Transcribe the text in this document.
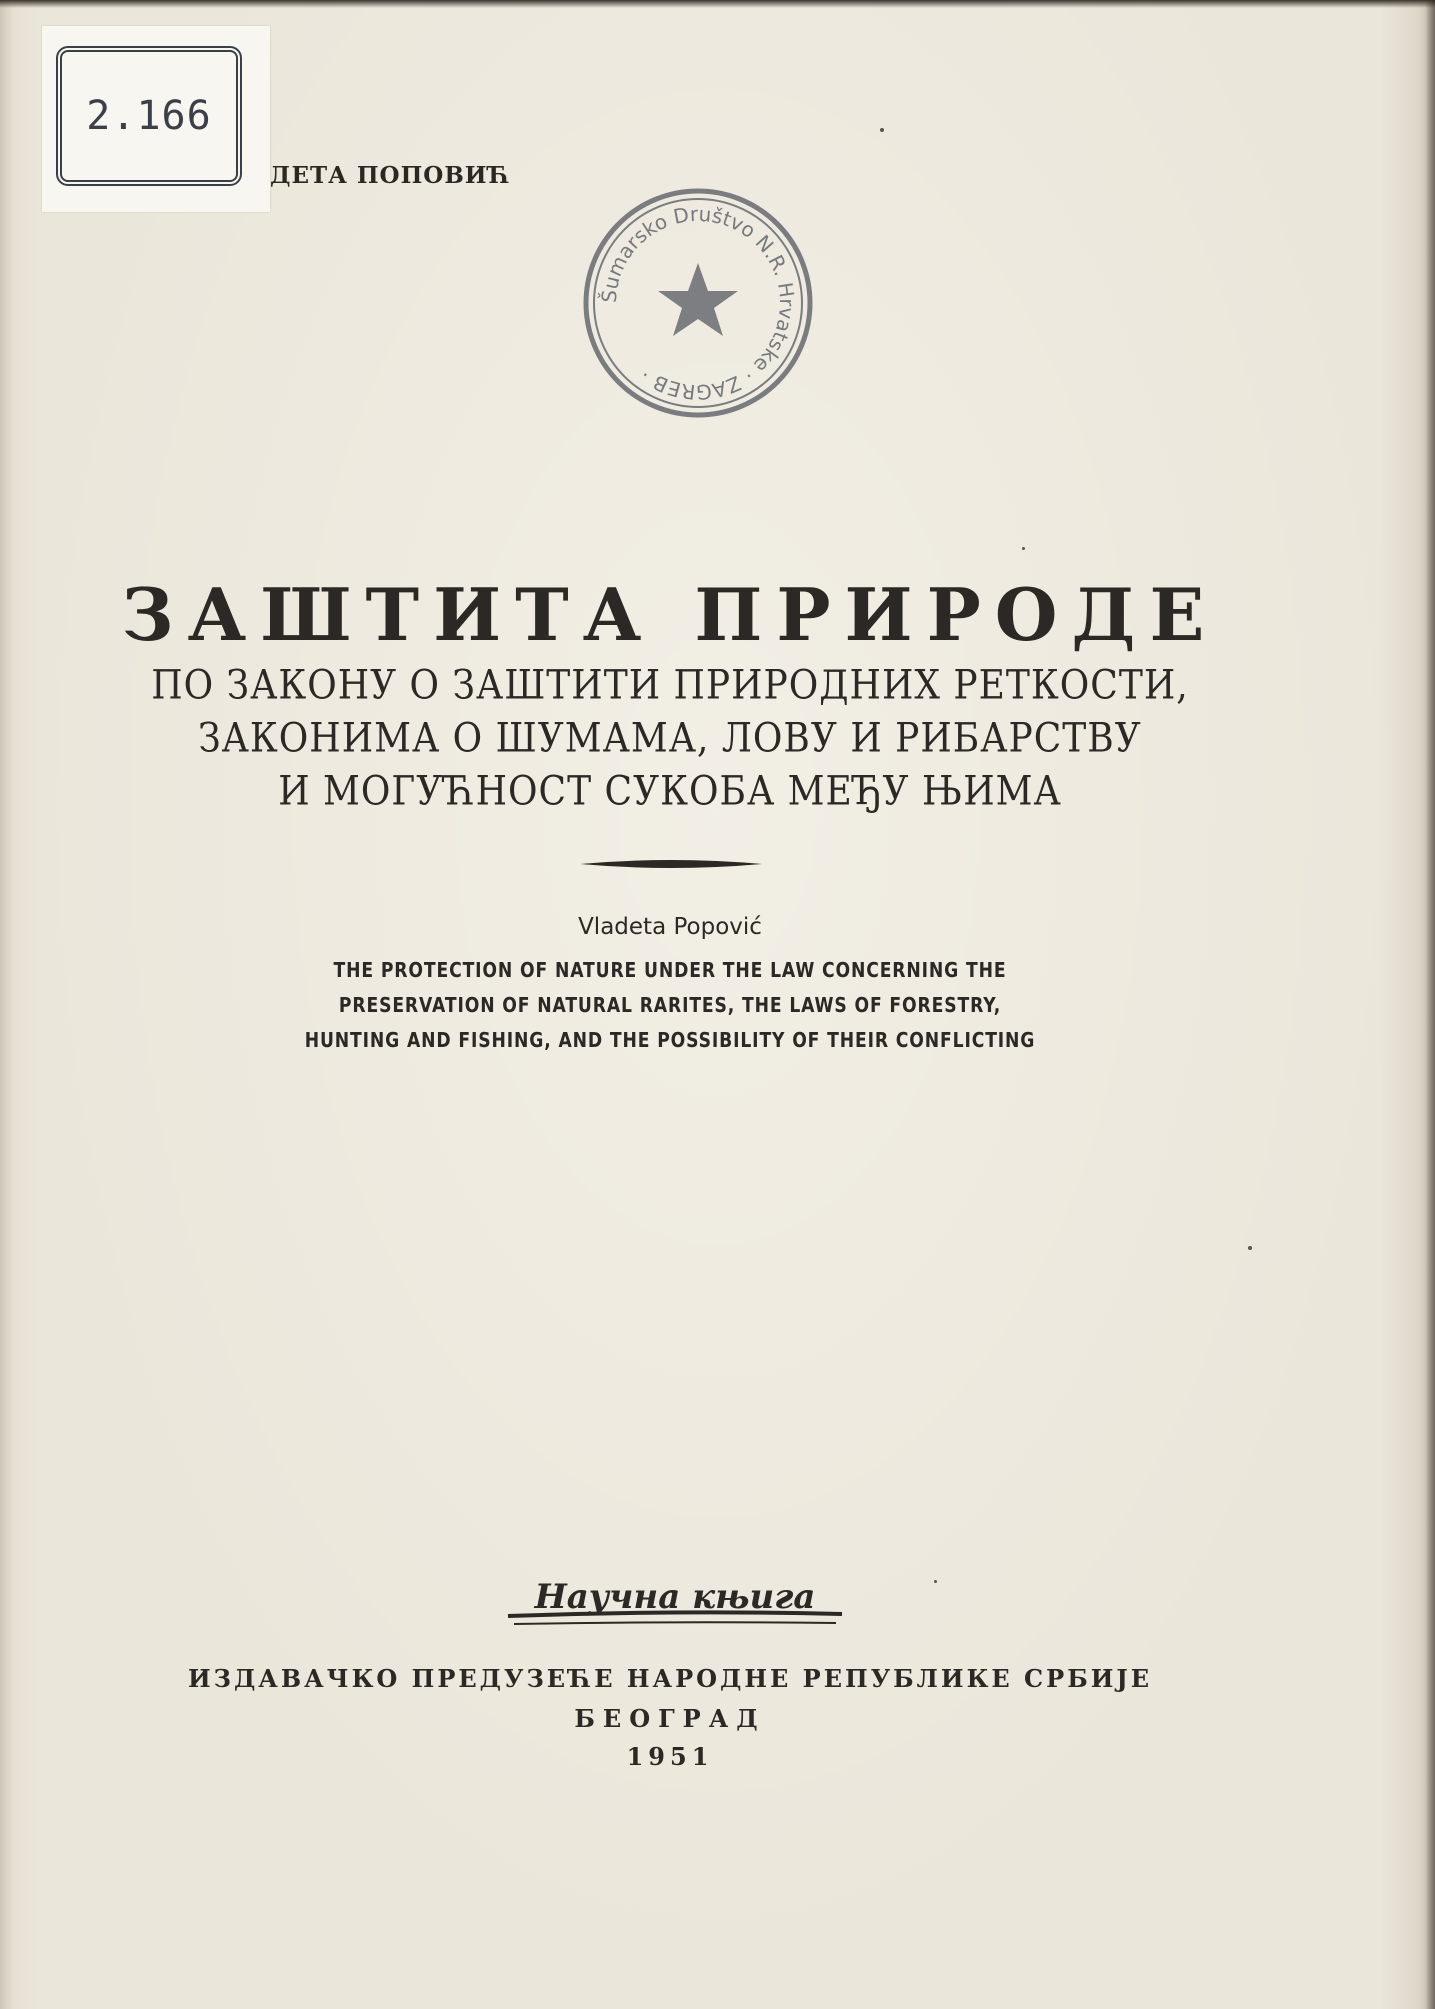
2.166
ДЕТА ПОПОВИЋ
Šumarsko Društvo N.R. Hrvatske · ZAGREB ·
ЗАШТИТА ПРИРОДЕ
ПО ЗАКОНУ О ЗАШТИТИ ПРИРОДНИХ РЕТКОСТИ,
ЗАКОНИМА О ШУМАМА, ЛОВУ И РИБАРСТВУ
И МОГУЋНОСТ СУКОБА МЕЂУ ЊИМА
Vladeta Popović
THE PROTECTION OF NATURE UNDER THE LAW CONCERNING THE
PRESERVATION OF NATURAL RARITES, THE LAWS OF FORESTRY,
HUNTING AND FISHING, AND THE POSSIBILITY OF THEIR CONFLICTING
Научна књига
ИЗДАВАЧКО ПРЕДУЗЕЋЕ НАРОДНЕ РЕПУБЛИКЕ СРБИЈЕ
БЕОГРАД
1951
